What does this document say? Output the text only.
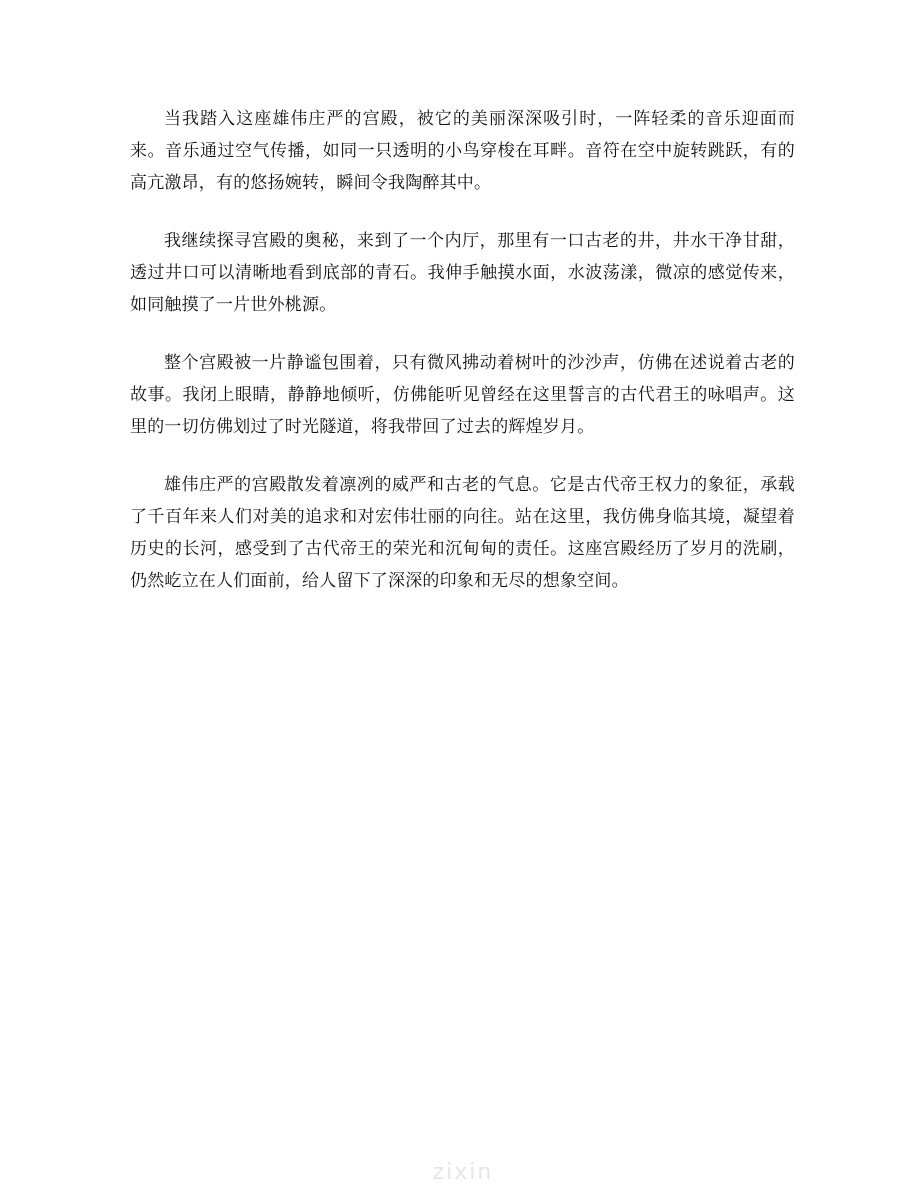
当我踏入这座雄伟庄严的宫殿，被它的美丽深深吸引时，一阵轻柔的音乐迎面而来。音乐通过空气传播，如同一只透明的小鸟穿梭在耳畔。音符在空中旋转跳跃，有的高亢激昂，有的悠扬婉转，瞬间令我陶醉其中。

我继续探寻宫殿的奥秘，来到了一个内厅，那里有一口古老的井，井水干净甘甜，透过井口可以清晰地看到底部的青石。我伸手触摸水面，水波荡漾，微凉的感觉传来，如同触摸了一片世外桃源。

整个宫殿被一片静谧包围着，只有微风拂动着树叶的沙沙声，仿佛在述说着古老的故事。我闭上眼睛，静静地倾听，仿佛能听见曾经在这里誓言的古代君王的咏唱声。这里的一切仿佛划过了时光隧道，将我带回了过去的辉煌岁月。

雄伟庄严的宫殿散发着凛冽的威严和古老的气息。它是古代帝王权力的象征，承载了千百年来人们对美的追求和对宏伟壮丽的向往。站在这里，我仿佛身临其境，凝望着历史的长河，感受到了古代帝王的荣光和沉甸甸的责任。这座宫殿经历了岁月的洗刷，仍然屹立在人们面前，给人留下了深深的印象和无尽的想象空间。

zixin
